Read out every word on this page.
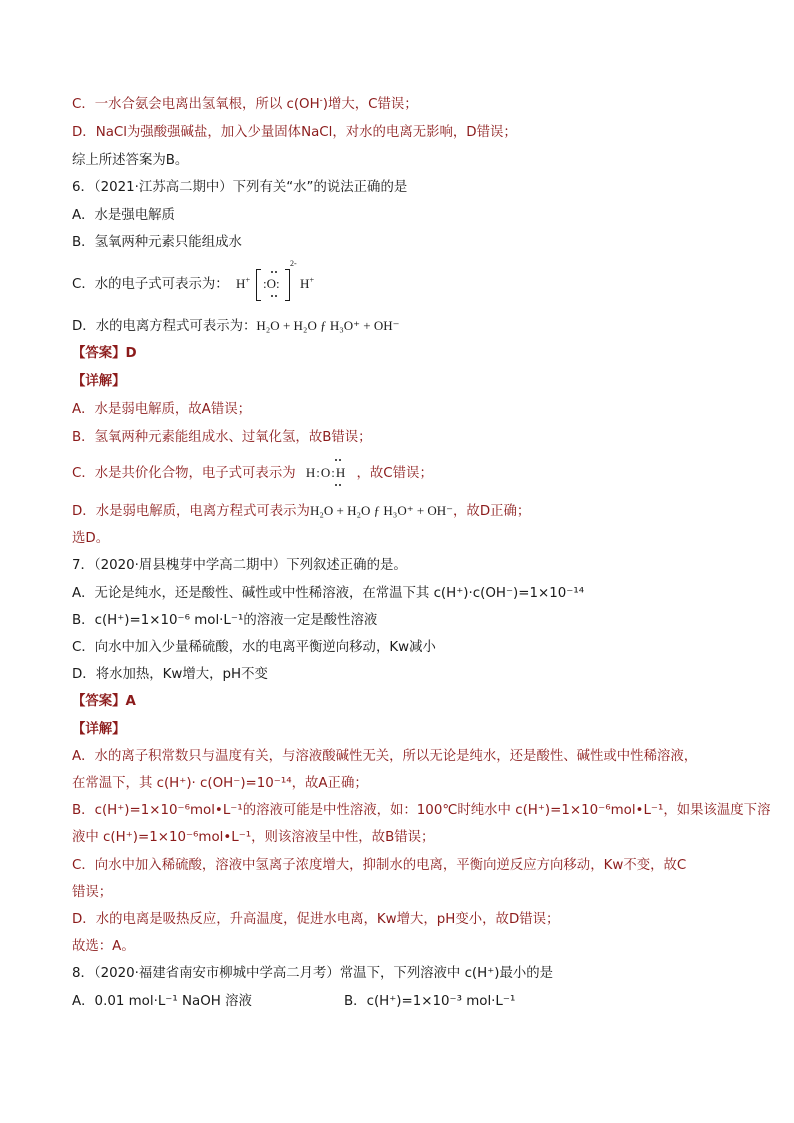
C．一水合氨会电离出氢氧根，所以 c(OH-)增大，C错误；
D．NaCl为强酸强碱盐，加入少量固体NaCl，对水的电离无影响，D错误；
综上所述答案为B。
6．（2021·江苏高二期中）下列有关“水”的说法正确的是
A．水是强电解质
B．氢氧两种元素只能组成水
C．水的电子式可表示为： H+ :O:
2-
H+
D．水的电离方程式可表示为：H₂O + H₂O ƒ H₃O⁺ + OH⁻
【答案】D
【详解】
A．水是弱电解质，故A错误；
B．氢氧两种元素能组成水、过氧化氢，故B错误；
C．水是共价化合物，电子式可表示为 H:O:H ，故C错误；
D．水是弱电解质，电离方程式可表示为H₂O + H₂O ƒ H₃O⁺ + OH⁻，故D正确；
选D。
7．（2020·眉县槐芽中学高二期中）下列叙述正确的是。
A．无论是纯水，还是酸性、碱性或中性稀溶液，在常温下其 c(H⁺)·c(OH⁻)=1×10⁻¹⁴
B．c(H⁺)=1×10⁻⁶ mol·L⁻¹的溶液一定是酸性溶液
C．向水中加入少量稀硫酸，水的电离平衡逆向移动，Kw减小
D．将水加热，Kw增大，pH不变
【答案】A
【详解】
A．水的离子积常数只与温度有关，与溶液酸碱性无关，所以无论是纯水，还是酸性、碱性或中性稀溶液，
在常温下，其 c(H⁺)· c(OH⁻)=10⁻¹⁴，故A正确；
B．c(H⁺)=1×10⁻⁶mol•L⁻¹的溶液可能是中性溶液，如：100℃时纯水中 c(H⁺)=1×10⁻⁶mol•L⁻¹，如果该温度下溶
液中 c(H⁺)=1×10⁻⁶mol•L⁻¹，则该溶液呈中性，故B错误；
C．向水中加入稀硫酸，溶液中氢离子浓度增大，抑制水的电离，平衡向逆反应方向移动，Kw不变，故C
错误；
D．水的电离是吸热反应，升高温度，促进水电离，Kw增大，pH变小，故D错误；
故选：A。
8．（2020·福建省南安市柳城中学高二月考）常温下，下列溶液中 c(H⁺)最小的是
A．0.01 mol·L⁻¹ NaOH 溶液	B．c(H⁺)=1×10⁻³ mol·L⁻¹
